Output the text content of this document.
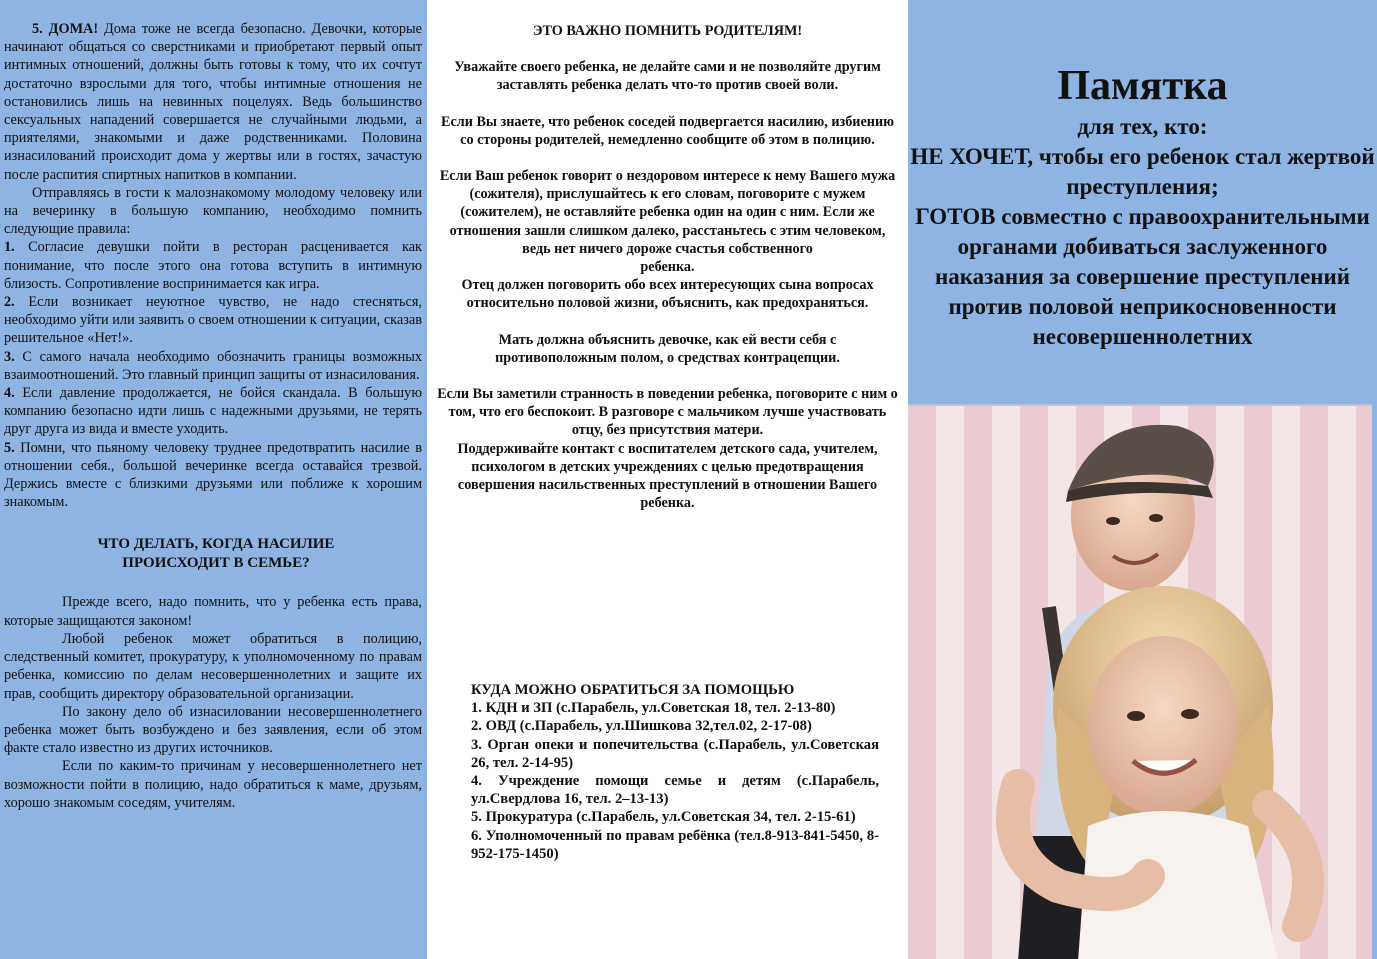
5. ДОМА! Дома тоже не всегда безопасно. Девочки, которые начинают общаться со сверстниками и приобретают первый опыт интимных отношений, должны быть готовы к тому, что их сочтут достаточно взрослыми для того, чтобы интимные отношения не остановились лишь на невинных поцелуях. Ведь большинство сексуальных нападений совершается не случайными людьми, а приятелями, знакомыми и даже родственниками. Половина изнасилований происходит дома у жертвы или в гостях, зачастую после распития спиртных напитков в компании.

Отправляясь в гости к малознакомому молодому человеку или на вечеринку в большую компанию, необходимо помнить следующие правила:

1. Согласие девушки пойти в ресторан расценивается как понимание, что после этого она готова вступить в интимную близость. Сопротивление воспринимается как игра.

2. Если возникает неуютное чувство, не надо стесняться, необходимо уйти или заявить о своем отношении к ситуации, сказав решительное «Нет!».

3. С самого начала необходимо обозначить границы возможных взаимоотношений. Это главный принцип защиты от изнасилования.

4. Если давление продолжается, не бойся скандала. В большую компанию безопасно идти лишь с надежными друзьями, не терять друг друга из вида и вместе уходить.

5. Помни, что пьяному человеку труднее предотвратить насилие в отношении себя., большой вечеринке всегда оставайся трезвой. Держись вместе с близкими друзьями или поближе к хорошим знакомым.

ЧТО ДЕЛАТЬ, КОГДА НАСИЛИЕ ПРОИСХОДИТ В СЕМЬЕ?

Прежде всего, надо помнить, что у ребенка есть права, которые защищаются законом!

Любой ребенок может обратиться в полицию, следственный комитет, прокуратуру, к уполномоченному по правам ребенка, комиссию по делам несовершеннолетних и защите их прав, сообщить директору образовательной организации.

По закону дело об изнасиловании несовершеннолетнего ребенка может быть возбуждено и без заявления, если об этом факте стало известно из других источников.

Если по каким-то причинам у несовершеннолетнего нет возможности пойти в полицию, надо обратиться к маме, друзьям, хорошо знакомым соседям, учителям.

ЭТО ВАЖНО ПОМНИТЬ РОДИТЕЛЯМ!

Уважайте своего ребенка, не делайте сами и не позволяйте другим заставлять ребенка делать что-то против своей воли.

Если Вы знаете, что ребенок соседей подвергается насилию, избиению со стороны родителей, немедленно сообщите об этом в полицию.

Если Ваш ребенок говорит о нездоровом интересе к нему Вашего мужа (сожителя), прислушайтесь к его словам, поговорите с мужем (сожителем), не оставляйте ребенка один на один с ним. Если же отношения зашли слишком далеко, расстаньтесь с этим человеком, ведь нет ничего дороже счастья собственного

ребенка.

Отец должен поговорить обо всех интересующих сына вопросах относительно половой жизни, объяснить, как предохраняться.

Мать должна объяснить девочке, как ей вести себя с противоположным полом, о средствах контрацепции.

Если Вы заметили странность в поведении ребенка, поговорите с ним о том, что его беспокоит. В разговоре с мальчиком лучше участвовать отцу, без присутствия матери.

Поддерживайте контакт с воспитателем детского сада, учителем, психологом в детских учреждениях с целью предотвращения совершения насильственных преступлений в отношении Вашего ребенка.

КУДА МОЖНО ОБРАТИТЬСЯ ЗА ПОМОЩЬЮ

1. КДН и ЗП (с.Парабель, ул.Советская 18, тел. 2-13-80)

2. ОВД (с.Парабель, ул.Шишкова 32,тел.02, 2-17-08)

3. Орган опеки и попечительства (с.Парабель, ул.Советская 26, тел. 2-14-95)

4. Учреждение помощи семье и детям (с.Парабель, ул.Свердлова 16, тел. 2–13-13)

5. Прокуратура (с.Парабель, ул.Советская 34, тел. 2-15-61)

6. Уполномоченный по правам ребёнка (тел.8-913-841-5450, 8-952-175-1450)

Памятка
для тех, кто:
НЕ ХОЧЕТ, чтобы его ребенок стал жертвой преступления;
ГОТОВ совместно с правоохранительными органами добиваться заслуженного наказания за совершение преступлений против половой неприкосновенности несовершеннолетних
